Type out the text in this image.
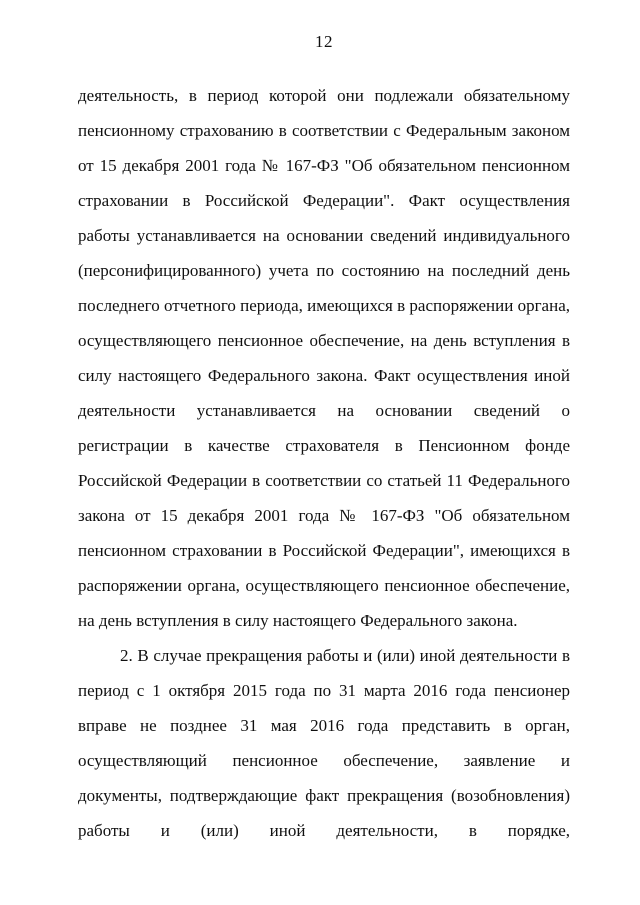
12

деятельность, в период которой они подлежали обязательному пенсионному страхованию в соответствии с Федеральным законом от 15 декабря 2001 года № 167-ФЗ "Об обязательном пенсионном страховании в Российской Федерации". Факт осуществления работы устанавливается на основании сведений индивидуального (персонифицированного) учета по состоянию на последний день последнего отчетного периода, имеющихся в распоряжении органа, осуществляющего пенсионное обеспечение, на день вступления в силу настоящего Федерального закона. Факт осуществления иной деятельности устанавливается на основании сведений о регистрации в качестве страхователя в Пенсионном фонде Российской Федерации в соответствии со статьей 11 Федерального закона от 15 декабря 2001 года № 167-ФЗ "Об обязательном пенсионном страховании в Российской Федерации", имеющихся в распоряжении органа, осуществляющего пенсионное обеспечение, на день вступления в силу настоящего Федерального закона.

2. В случае прекращения работы и (или) иной деятельности в период с 1 октября 2015 года по 31 марта 2016 года пенсионер вправе не позднее 31 мая 2016 года представить в орган, осуществляющий пенсионное обеспечение, заявление и документы, подтверждающие факт прекращения (возобновления) работы и (или) иной деятельности, в порядке,
